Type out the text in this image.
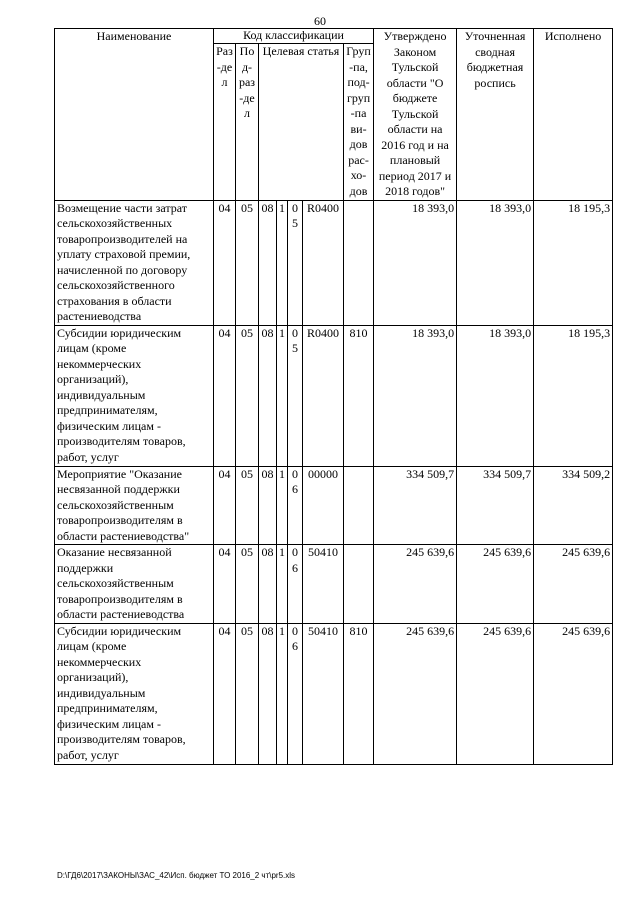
60
Наименование	Код классификации							Утверждено Законом Тульской области "О бюджете Тульской области на 2016 год и на плановый период 2017 и 2018 годов"	Уточненная сводная бюджетная роспись	Исполнено
	Раз-дел	Под-раз-дел	Целевая статья				Груп-па, под-груп-па ви-дов рас-хо-дов			
Возмещение части затрат сельскохозяйственных товаропроизводителей на уплату страховой премии, начисленной по договору сельскохозяйственного страхования в области растениеводства	04	05	08	1	05	R0400		18 393,0	18 393,0	18 195,3
Субсидии юридическим лицам (кроме некоммерческих организаций), индивидуальным предпринимателям, физическим лицам - производителям товаров, работ, услуг	04	05	08	1	05	R0400	810	18 393,0	18 393,0	18 195,3
Мероприятие "Оказание несвязанной поддержки сельскохозяйственным товаропроизводителям в области растениеводства"	04	05	08	1	06	00000		334 509,7	334 509,7	334 509,2
Оказание несвязанной поддержки сельскохозяйственным товаропроизводителям в области растениеводства	04	05	08	1	06	50410		245 639,6	245 639,6	245 639,6
Субсидии юридическим лицам (кроме некоммерческих организаций), индивидуальным предпринимателям, физическим лицам - производителям товаров, работ, услуг	04	05	08	1	06	50410	810	245 639,6	245 639,6	245 639,6
D:\ГД6\2017\ЗАКОНЫ\ЗАС_42\Исп. бюджет ТО 2016_2 чт\pr5.xls
